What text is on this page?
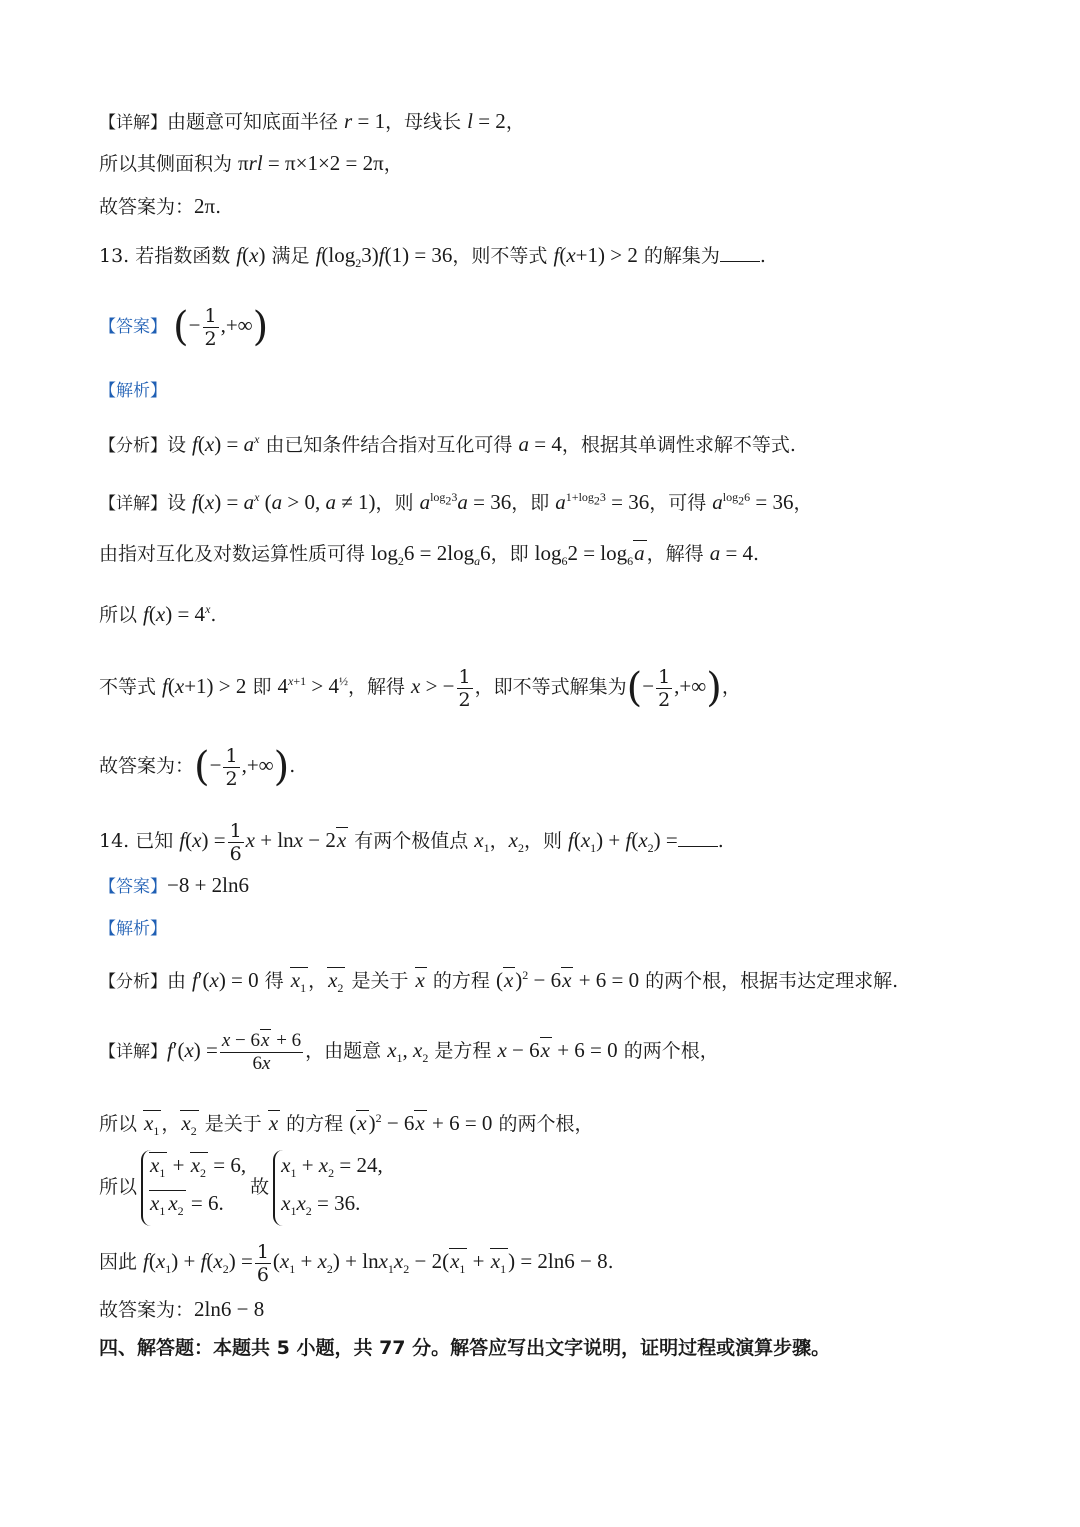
【详解】由题意可知底面半径 r = 1，母线长 l = 2，
所以其侧面积为 πrl = π×1×2 = 2π，
故答案为：2π.
13. 若指数函数 f(x) 满足 $f(\log_23)f(1) = 36$，则不等式 f(x+1) > 2 的解集为 .
【答案】 (− $\frac{1}{2}$ ,+∞)
【解析】
【分析】设 $f(x) = a^x$ 由已知条件结合指对互化可得 a = 4，根据其单调性求解不等式.
【详解】设 $f(x) = a^x$ (a > 0, a ≠ 1)，则 $a^{log_23}a = 36$，即 $a^{1+log_23} = 36$，可得 $a^{log_26} = 36$，
由指对互化及对数运算性质可得 $\log_26 = 2\log_a6$，即 $\log_62 = \log_6a$ ，解得 a = 4.
所以 $f(x) = 4^x$.
不等式 f(x+1) > 2 即 $4^{x+1} > 4^{\frac{1}{2}}$，解得 x > − $\frac{1}{2}$ ，即不等式解集为(− $\frac{1}{2}$ ,+∞)，
故答案为：(− $\frac{1}{2}$ ,+∞).
14. 已知 $f(x) = \frac{1}{6}$ x + lnx − 2x 有两个极值点 $x_1$，$x_2$，则 $f(x_1) + f(x_2)$ = .
【答案】−8 + 2ln6
【解析】
【分析】由 f′(x) = 0 得 $x_1$ ，$x_2$ 是关于 x 的方程 $(x)^2 - 6x + 6 = 0$ 的两个根，根据韦达定理求解.
【详解】$f'(x) = \frac{x - 6x + 6}{6x}$ ，由题意 $x_1$, $x_2$ 是方程 x − 6x + 6 = 0 的两个根，
所以 $x_1$ ，$x_2$ 是关于 x 的方程 $(x)^2 - 6x + 6 = 0$ 的两个根，
所以
$x_1 + x_2 = 6$,
$x_1$ $x_2 = 6$.
故
$x_1 + x_2 = 24$,
$x_1x_2 = 36$.
因此 $f(x_1) + f(x_2) = \frac{1}{6} (x_1 + x_2) + \ln x_1x_2 - 2(x_1 + x_1) = 2\ln 6 - 8$.
故答案为：2ln6 − 8
四、解答题：本题共 5 小题，共 77 分。解答应写出文字说明，证明过程或演算步骤。
